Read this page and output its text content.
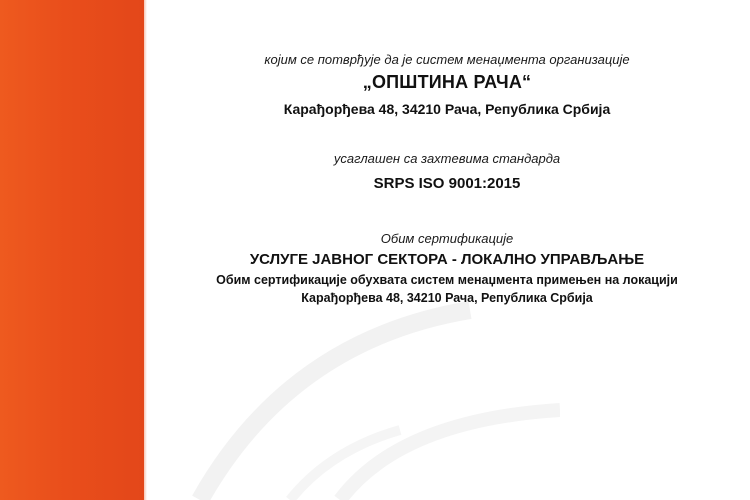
којим се потврђује да је систем менаџмента организације
„ОПШТИНА РАЧА“
Карађорђева 48, 34210 Рача, Република Србија
усаглашен са захтевима стандарда
SRPS ISO 9001:2015
Обим сертификације
УСЛУГЕ ЈАВНОГ СЕКТОРА - ЛОКАЛНО УПРАВЉАЊЕ
Обим сертификације обухвата систем менаџмента примењен на локацији
Карађорђева 48, 34210 Рача, Република Србија
